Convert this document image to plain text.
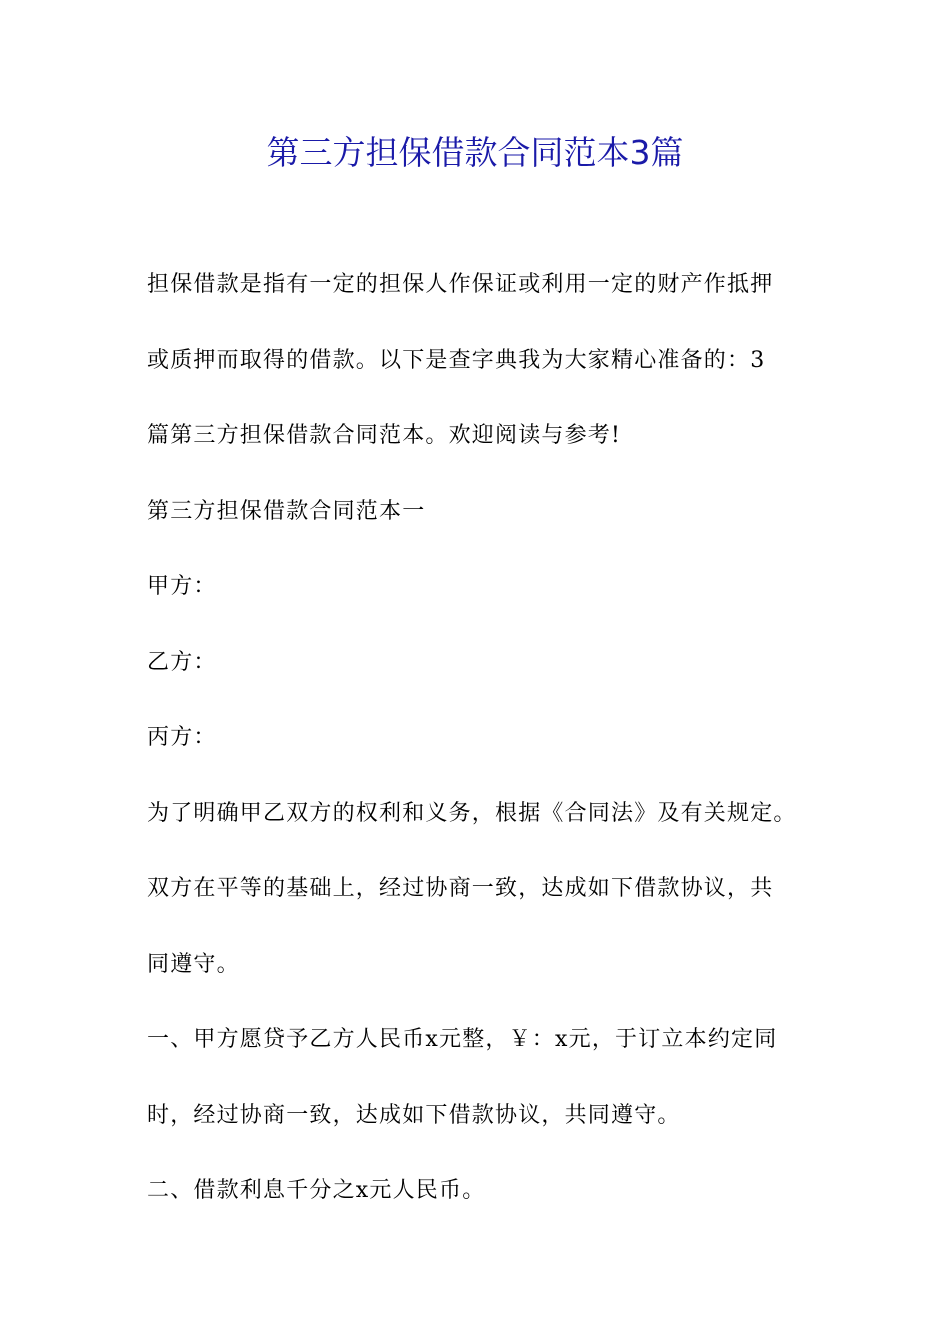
第三方担保借款合同范本3篇
担保借款是指有一定的担保人作保证或利用一定的财产作抵押
或质押而取得的借款。以下是查字典我为大家精心准备的：3
篇第三方担保借款合同范本。欢迎阅读与参考!
第三方担保借款合同范本一
甲方：
乙方：
丙方：
为了明确甲乙双方的权利和义务，根据《合同法》及有关规定。
双方在平等的基础上，经过协商一致，达成如下借款协议，共
同遵守。
一、甲方愿贷予乙方人民币x元整，￥：x元，于订立本约定同
时，经过协商一致，达成如下借款协议，共同遵守。
二、借款利息千分之x元人民币。
